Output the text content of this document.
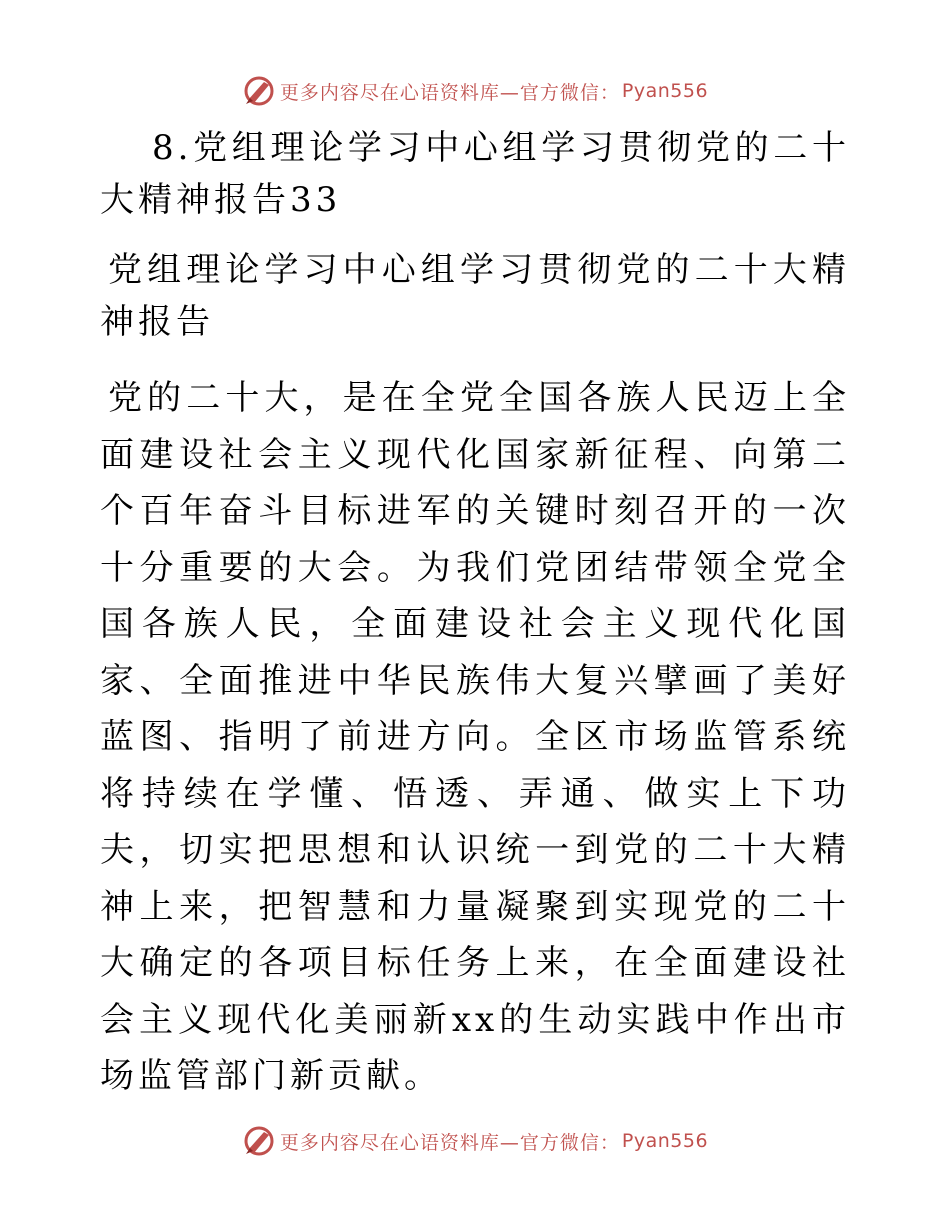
更多内容尽在心语资料库—官方微信： Pyan556

8.党组理论学习中心组学习贯彻党的二十大精神报告33

党组理论学习中心组学习贯彻党的二十大精神报告

党的二十大，是在全党全国各族人民迈上全面建设社会主义现代化国家新征程、向第二个百年奋斗目标进军的关键时刻召开的一次十分重要的大会。为我们党团结带领全党全国各族人民，全面建设社会主义现代化国家、全面推进中华民族伟大复兴擘画了美好蓝图、指明了前进方向。全区市场监管系统将持续在学懂、悟透、弄通、做实上下功夫，切实把思想和认识统一到党的二十大精神上来，把智慧和力量凝聚到实现党的二十大确定的各项目标任务上来，在全面建设社会主义现代化美丽新xx的生动实践中作出市场监管部门新贡献。

更多内容尽在心语资料库—官方微信： Pyan556
